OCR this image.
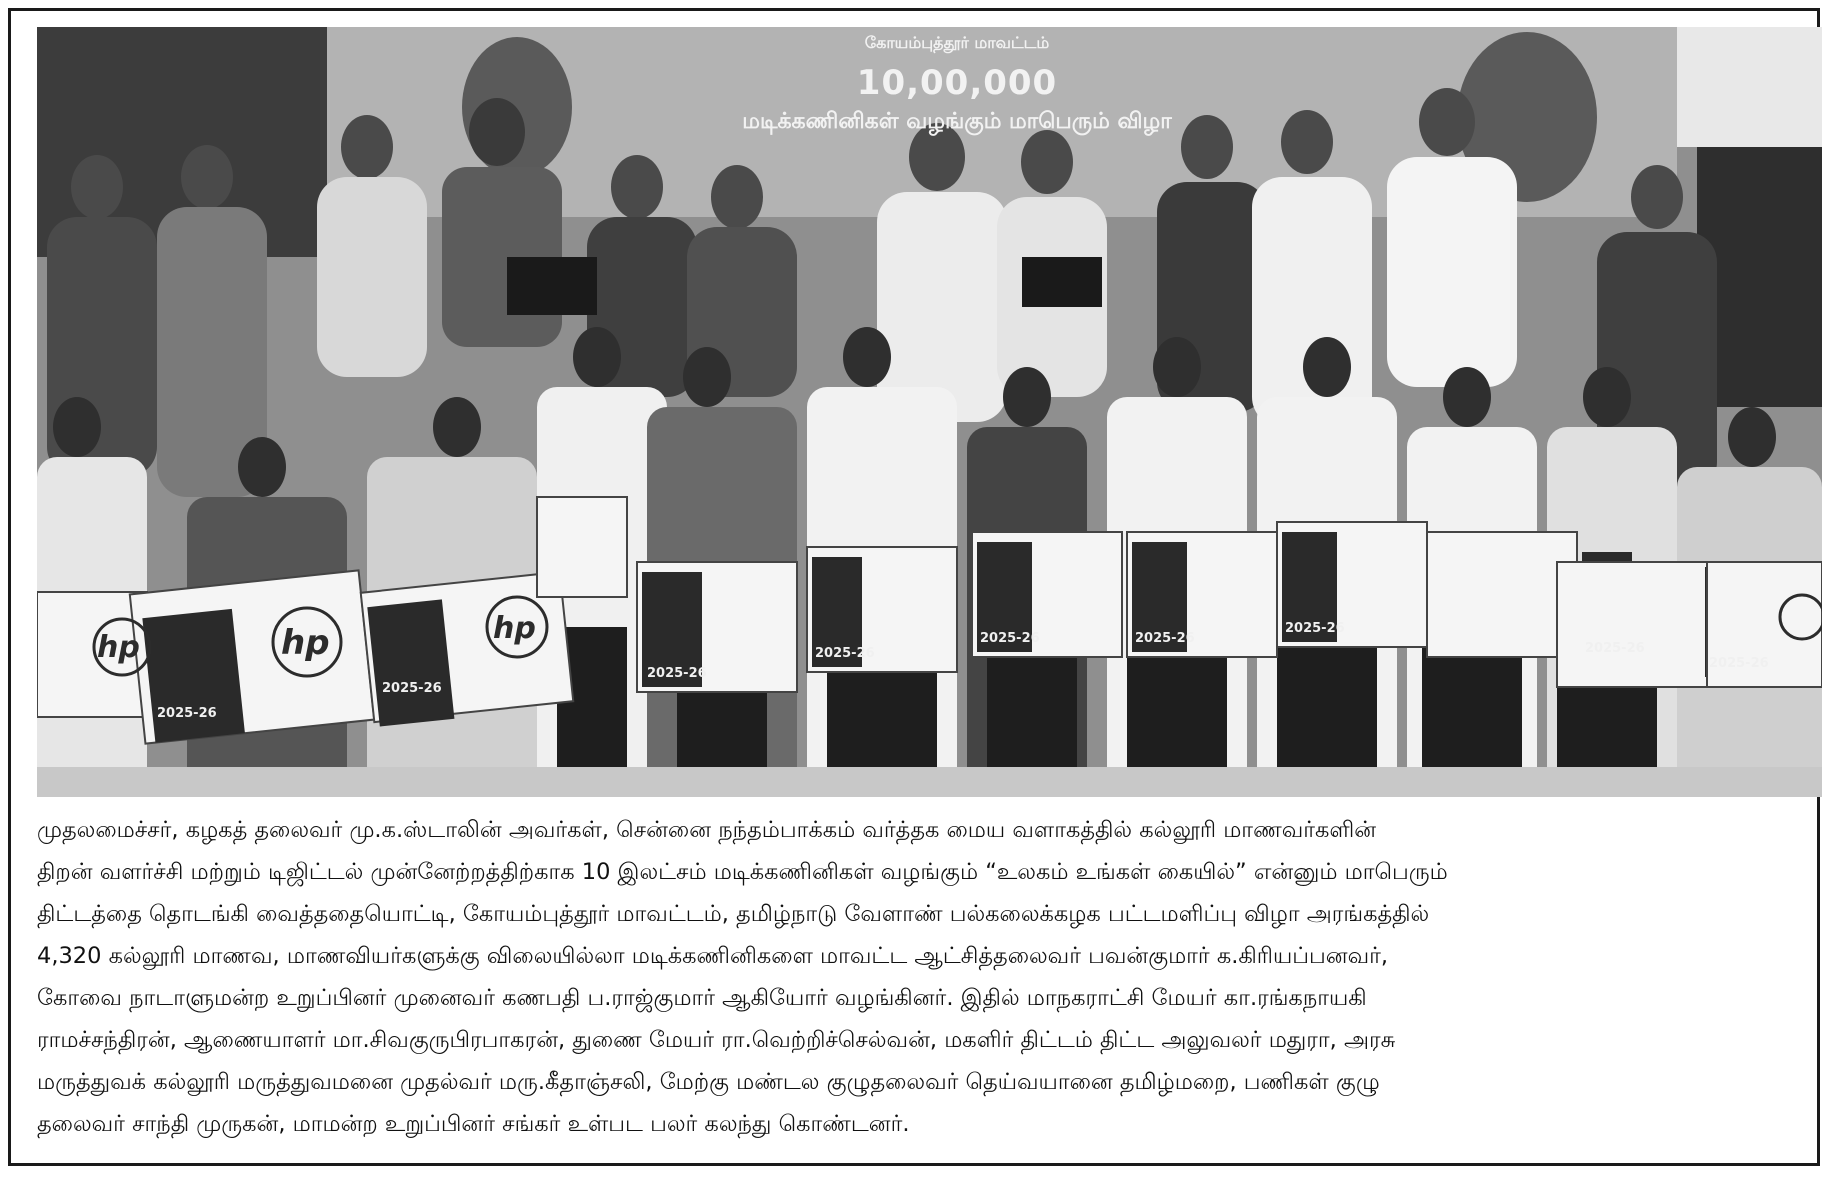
hp	hp	hp
2025-26
2025-26
2025-26
2025-26
2025-26	2025-26
2025-26
2025-26
2025-26
கோயம்புத்தூர் மாவட்டம்
10,00,000
மடிக்கணினிகள் வழங்கும் மாபெரும் விழா

முதலமைச்சர், கழகத் தலைவர் மு.க.ஸ்டாலின் அவர்கள், சென்னை நந்தம்பாக்கம் வர்த்தக மைய வளாகத்தில் கல்லூரி மாணவர்களின்

திறன் வளர்ச்சி மற்றும் டிஜிட்டல் முன்னேற்றத்திற்காக 10 இலட்சம் மடிக்கணினிகள் வழங்கும் “உலகம் உங்கள் கையில்” என்னும் மாபெரும்

திட்டத்தை தொடங்கி வைத்ததையொட்டி, கோயம்புத்தூர் மாவட்டம், தமிழ்நாடு வேளாண் பல்கலைக்கழக பட்டமளிப்பு விழா அரங்கத்தில்

4,320 கல்லூரி மாணவ, மாணவியர்களுக்கு விலையில்லா மடிக்கணினிகளை மாவட்ட ஆட்சித்தலைவர் பவன்குமார் க.கிரியப்பனவர்,

கோவை நாடாளுமன்ற உறுப்பினர் முனைவர் கணபதி ப.ராஜ்குமார் ஆகியோர் வழங்கினர். இதில் மாநகராட்சி மேயர் கா.ரங்கநாயகி

ராமச்சந்திரன், ஆணையாளர் மா.சிவகுருபிரபாகரன், துணை மேயர் ரா.வெற்றிச்செல்வன், மகளிர் திட்டம் திட்ட அலுவலர் மதுரா, அரசு

மருத்துவக் கல்லூரி மருத்துவமனை முதல்வர் மரு.கீதாஞ்சலி, மேற்கு மண்டல குழுதலைவர் தெய்வயானை தமிழ்மறை, பணிகள் குழு

தலைவர் சாந்தி முருகன், மாமன்ற உறுப்பினர் சங்கர் உள்பட பலர் கலந்து கொண்டனர்.
